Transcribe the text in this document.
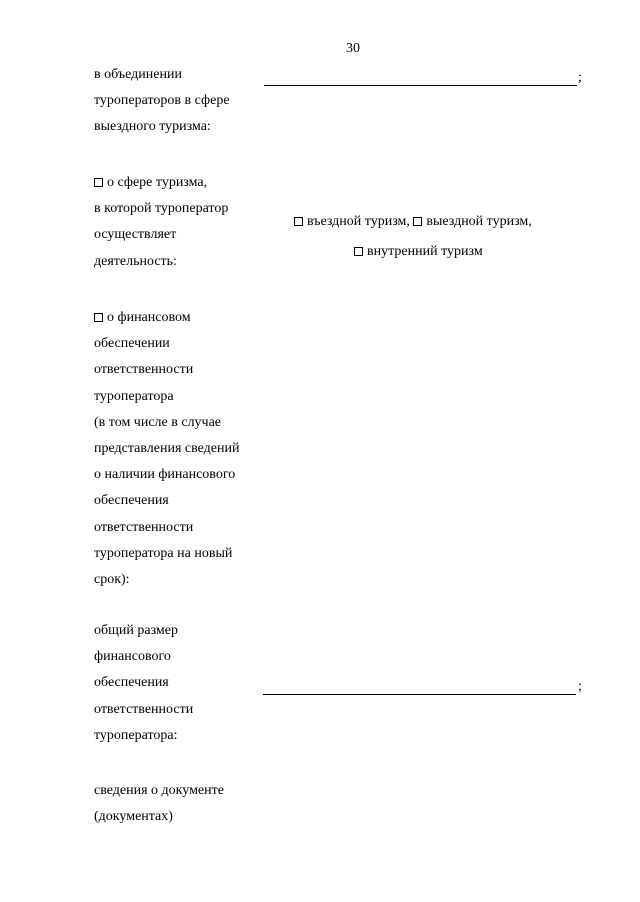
30
в объединении
туроператоров в сфере
выездного туризма:
;
о сфере туризма,
в которой туроператор
осуществляет
деятельность:
въездной туризм, выездной туризм,
внутренний туризм
о финансовом
обеспечении
ответственности
туроператора
(в том числе в случае
представления сведений
о наличии финансового
обеспечения
ответственности
туроператора на новый
срок):
общий размер
финансового
обеспечения
ответственности
туроператора:
;
сведения о документе
(документах)
